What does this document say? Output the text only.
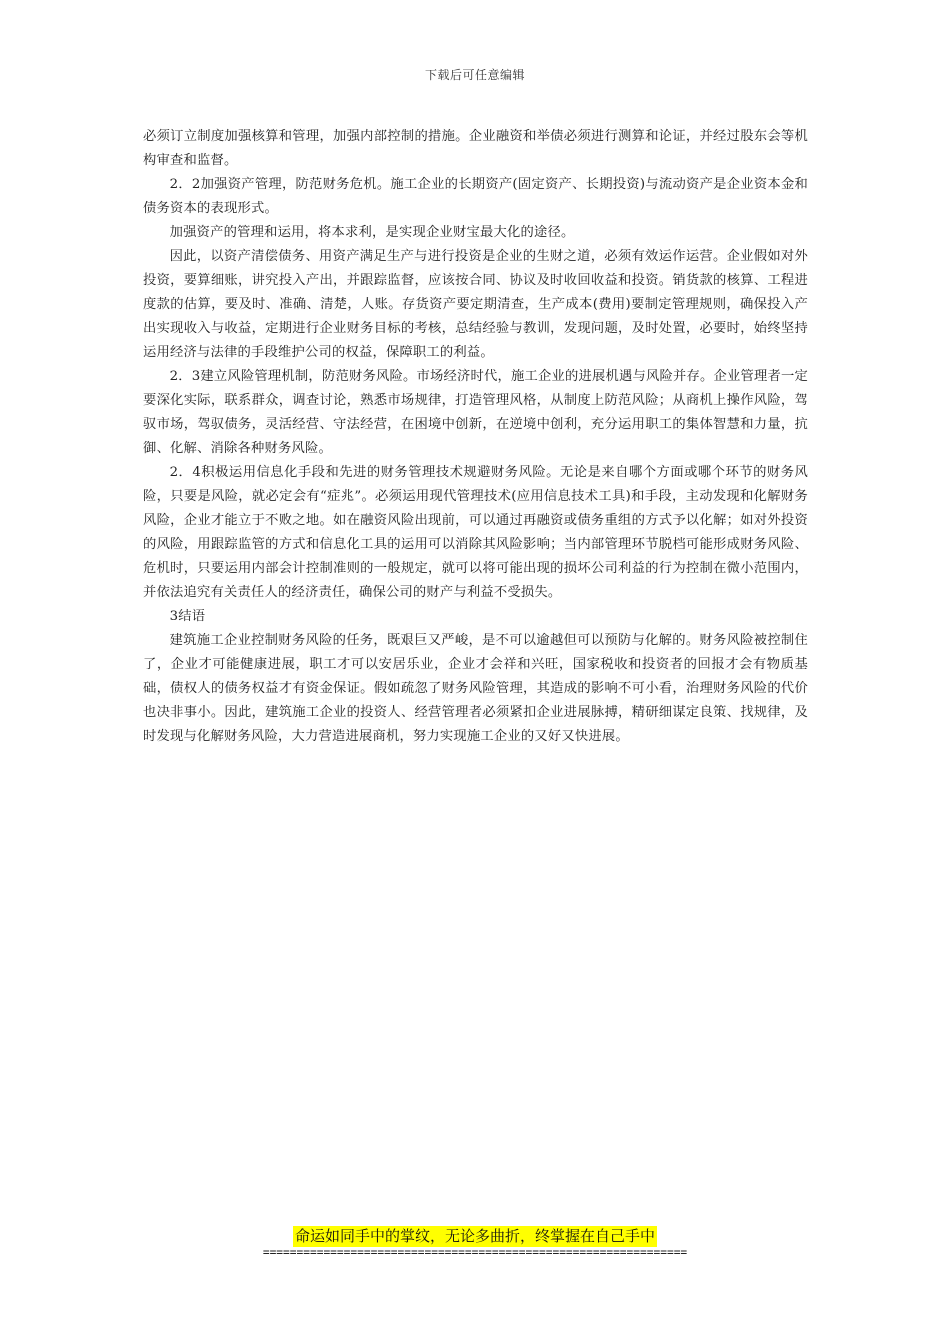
下载后可任意编辑

必须订立制度加强核算和管理，加强内部控制的措施。企业融资和举债必须进行测算和论证，并经过股东会等机构审查和监督。

2．2加强资产管理，防范财务危机。施工企业的长期资产(固定资产、长期投资)与流动资产是企业资本金和债务资本的表现形式。

加强资产的管理和运用，将本求利，是实现企业财宝最大化的途径。

因此，以资产清偿债务、用资产满足生产与进行投资是企业的生财之道，必须有效运作运营。企业假如对外投资，要算细账，讲究投入产出，并跟踪监督，应该按合同、协议及时收回收益和投资。销货款的核算、工程进度款的估算，要及时、准确、清楚，人账。存货资产要定期清查，生产成本(费用)要制定管理规则，确保投入产出实现收入与收益，定期进行企业财务目标的考核，总结经验与教训，发现问题，及时处置，必要时，始终坚持运用经济与法律的手段维护公司的权益，保障职工的利益。

2．3建立风险管理机制，防范财务风险。市场经济时代，施工企业的进展机遇与风险并存。企业管理者一定要深化实际，联系群众，调查讨论，熟悉市场规律，打造管理风格，从制度上防范风险；从商机上操作风险，驾驭市场，驾驭债务，灵活经营、守法经营，在困境中创新，在逆境中创利，充分运用职工的集体智慧和力量，抗御、化解、消除各种财务风险。

2．4积极运用信息化手段和先进的财务管理技术规避财务风险。无论是来自哪个方面或哪个环节的财务风险，只要是风险，就必定会有“症兆”。必须运用现代管理技术(应用信息技术工具)和手段，主动发现和化解财务风险，企业才能立于不败之地。如在融资风险出现前，可以通过再融资或债务重组的方式予以化解；如对外投资的风险，用跟踪监管的方式和信息化工具的运用可以消除其风险影响；当内部管理环节脱档可能形成财务风险、危机时，只要运用内部会计控制准则的一般规定，就可以将可能出现的损坏公司利益的行为控制在微小范围内，并依法追究有关责任人的经济责任，确保公司的财产与利益不受损失。

3结语

建筑施工企业控制财务风险的任务，既艰巨又严峻，是不可以逾越但可以预防与化解的。财务风险被控制住了，企业才可能健康进展，职工才可以安居乐业，企业才会祥和兴旺，国家税收和投资者的回报才会有物质基础，债权人的债务权益才有资金保证。假如疏忽了财务风险管理，其造成的影响不可小看，治理财务风险的代价也决非事小。因此，建筑施工企业的投资人、经营管理者必须紧扣企业进展脉搏，精研细谋定良策、找规律，及时发现与化解财务风险，大力营造进展商机，努力实现施工企业的又好又快进展。

命运如同手中的掌纹，无论多曲折，终掌握在自己手中
===============================================================
